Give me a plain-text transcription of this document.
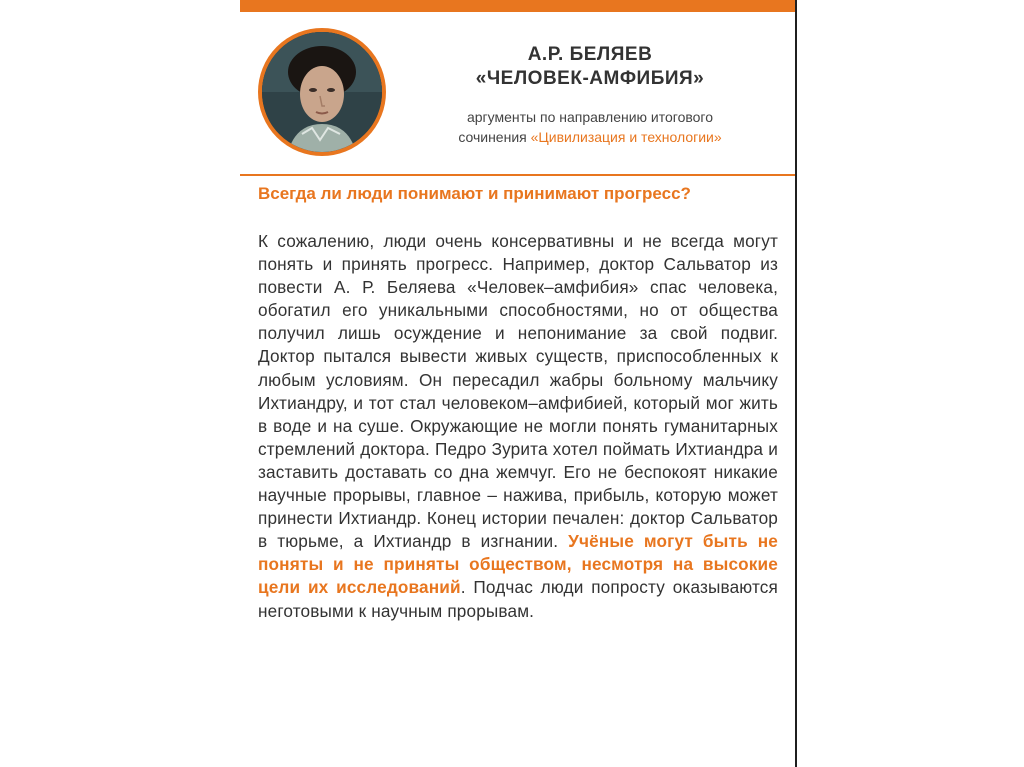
А.Р. БЕЛЯЕВ
«ЧЕЛОВЕК-АМФИБИЯ»
аргументы по направлению итогового
сочинения «Цивилизация и технологии»
Всегда ли люди понимают и принимают прогресс?
К сожалению, люди очень консервативны и не всегда могут понять и принять прогресс. Например, доктор Сальватор из повести А. Р. Беляева «Человек–амфибия» спас человека, обогатил его уникальными способностями, но от общества получил лишь осуждение и непонимание за свой подвиг. Доктор пытался вывести живых существ, приспособленных к любым условиям. Он пересадил жабры больному мальчику Ихтиандру, и тот стал человеком–амфибией, который мог жить в воде и на суше. Окружающие не могли понять гуманитарных стремлений доктора. Педро Зурита хотел поймать Ихтиандра и заставить доставать со дна жемчуг. Его не беспокоят никакие научные прорывы, главное – нажива, прибыль, которую может принести Ихтиандр. Конец истории печален: доктор Сальватор в тюрьме, а Ихтиандр в изгнании. Учёные могут быть не поняты и не приняты обществом, несмотря на высокие цели их исследований. Подчас люди попросту оказываются неготовыми к научным прорывам.
